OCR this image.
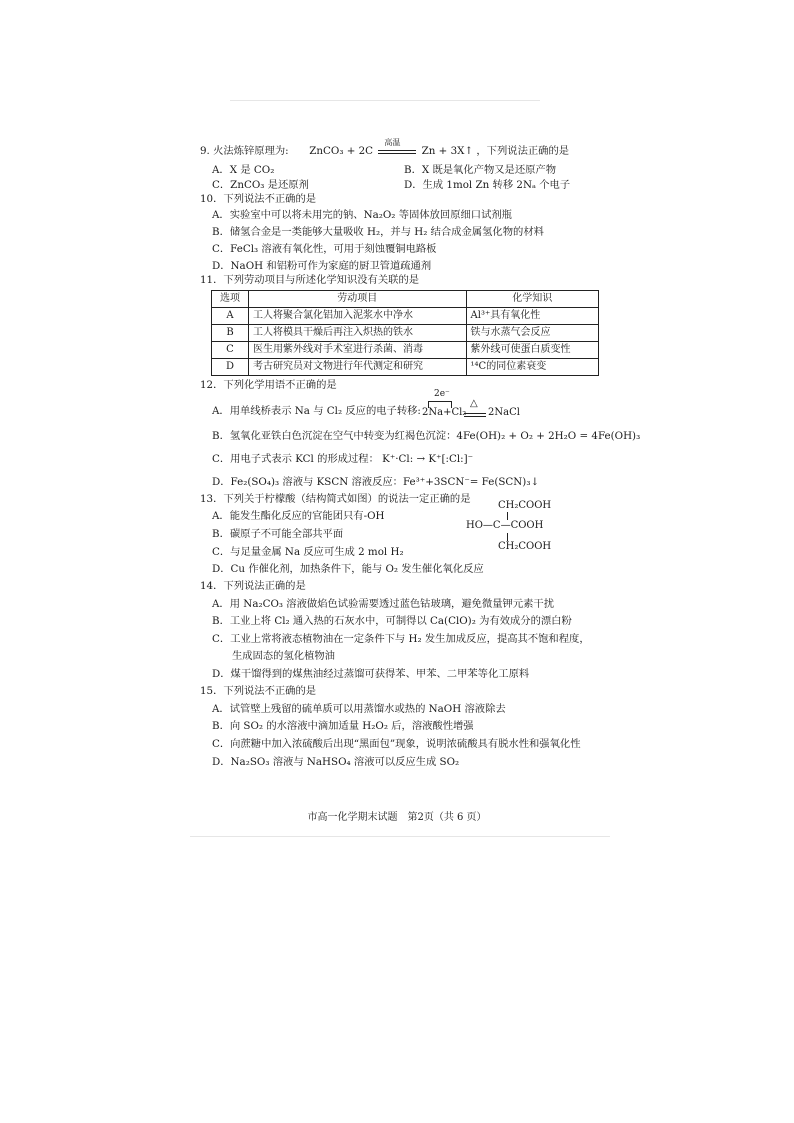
9. 火法炼锌原理为: ZnCO₃ + 2C
高温
Zn + 3X↑ ，下列说法正确的是
A．X 是 CO₂	B．X 既是氧化产物又是还原产物
C．ZnCO₃ 是还原剂	D．生成 1mol Zn 转移 2Nₐ 个电子
10．下列说法不正确的是
A．实验室中可以将未用完的钠、Na₂O₂ 等固体放回原细口试剂瓶
B．储氢合金是一类能够大量吸收 H₂，并与 H₂ 结合成金属氢化物的材料
C．FeCl₃ 溶液有氧化性，可用于刻蚀覆铜电路板
D．NaOH 和铝粉可作为家庭的厨卫管道疏通剂
11．下列劳动项目与所述化学知识没有关联的是
选项	劳动项目	化学知识
A	工人将聚合氯化铝加入泥浆水中净水	Al³⁺具有氧化性
B	工人将模具干燥后再注入炽热的铁水	铁与水蒸气会反应
C	医生用紫外线对手术室进行杀菌、消毒	紫外线可使蛋白质变性
D	考古研究员对文物进行年代测定和研究	¹⁴C的同位素衰变
12．下列化学用语不正确的是
A．用单线桥表示 Na 与 Cl₂ 反应的电子转移:
2e⁻
2Na+Cl₂
△
2NaCl
B．氢氧化亚铁白色沉淀在空气中转变为红褐色沉淀：4Fe(OH)₂ + O₂ + 2H₂O = 4Fe(OH)₃
C．用电子式表示 KCl 的形成过程： K⁺·Cl: → K⁺[:Cl:]⁻
D．Fe₂(SO₄)₃ 溶液与 KSCN 溶液反应：Fe³⁺+3SCN⁻= Fe(SCN)₃↓
13．下列关于柠檬酸（结构简式如图）的说法一定正确的是
A．能发生酯化反应的官能团只有-OH
B．碳原子不可能全部共平面
C．与足量金属 Na 反应可生成 2 mol H₂
D．Cu 作催化剂，加热条件下，能与 O₂ 发生催化氧化反应
CH₂COOH
HO—C—COOH
CH₂COOH
14．下列说法正确的是
A．用 Na₂CO₃ 溶液做焰色试验需要透过蓝色钴玻璃，避免微量钾元素干扰
B．工业上将 Cl₂ 通入热的石灰水中，可制得以 Ca(ClO)₂ 为有效成分的漂白粉
C．工业上常将液态植物油在一定条件下与 H₂ 发生加成反应，提高其不饱和程度，
生成固态的氢化植物油
D．煤干馏得到的煤焦油经过蒸馏可获得苯、甲苯、二甲苯等化工原料
15．下列说法不正确的是
A．试管壁上残留的硫单质可以用蒸馏水或热的 NaOH 溶液除去
B．向 SO₂ 的水溶液中滴加适量 H₂O₂ 后，溶液酸性增强
C．向蔗糖中加入浓硫酸后出现“黑面包”现象，说明浓硫酸具有脱水性和强氧化性
D．Na₂SO₃ 溶液与 NaHSO₄ 溶液可以反应生成 SO₂
市高一化学期末试题　第2页（共 6 页）
